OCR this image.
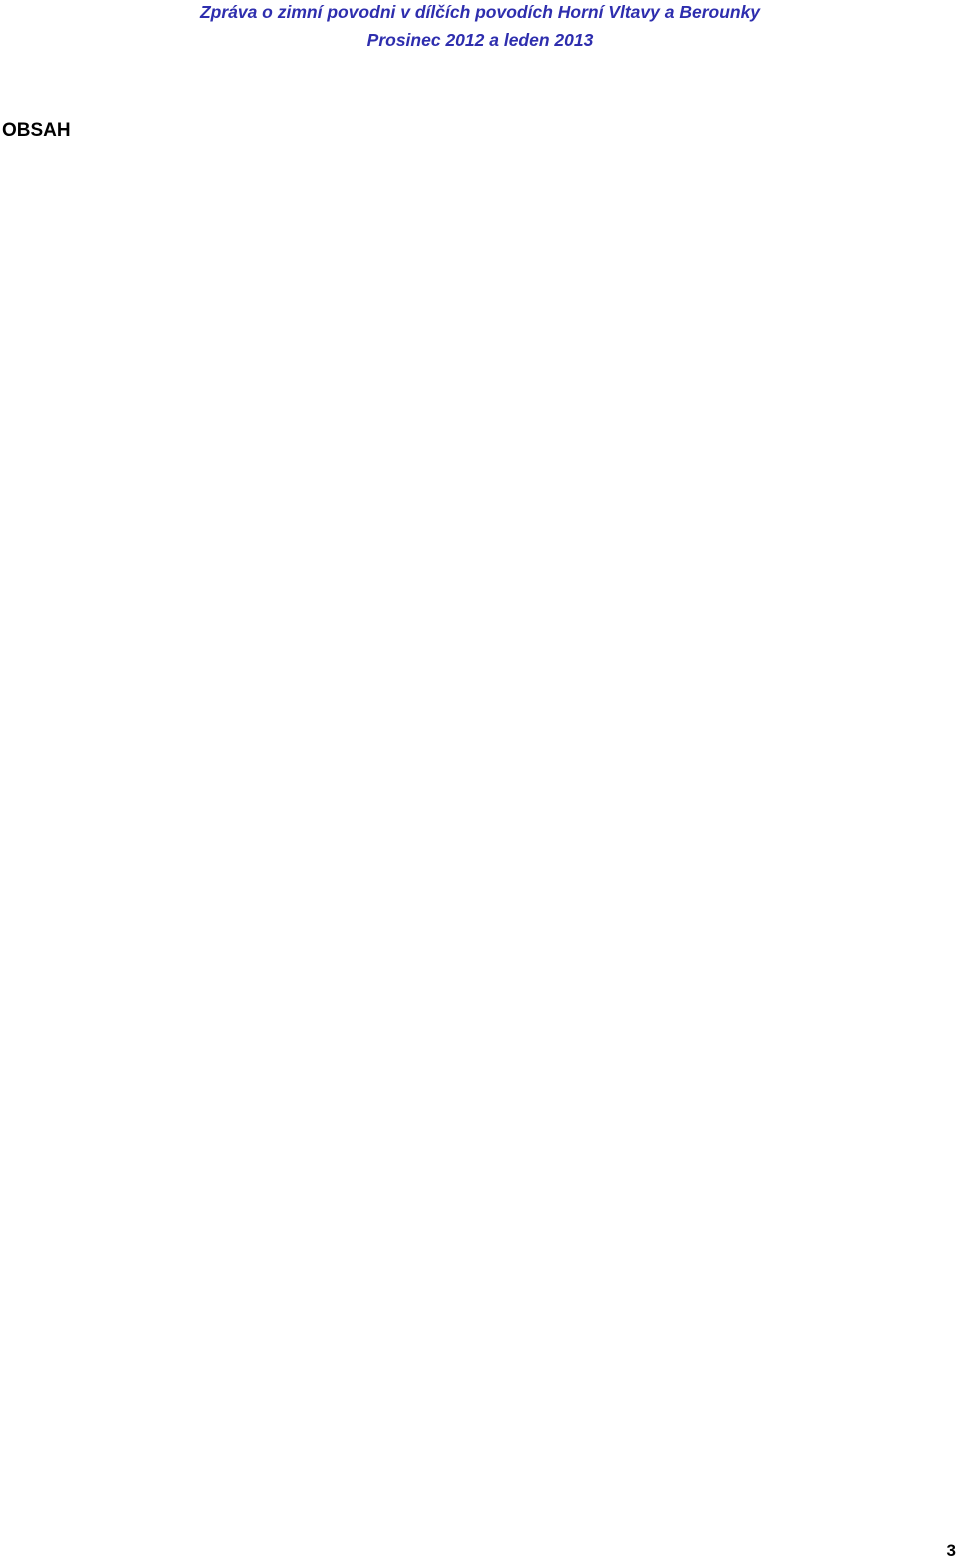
Zpráva o zimní povodni v dílčích povodích Horní Vltavy a Berounky
Prosinec 2012 a leden 2013
OBSAH
3
